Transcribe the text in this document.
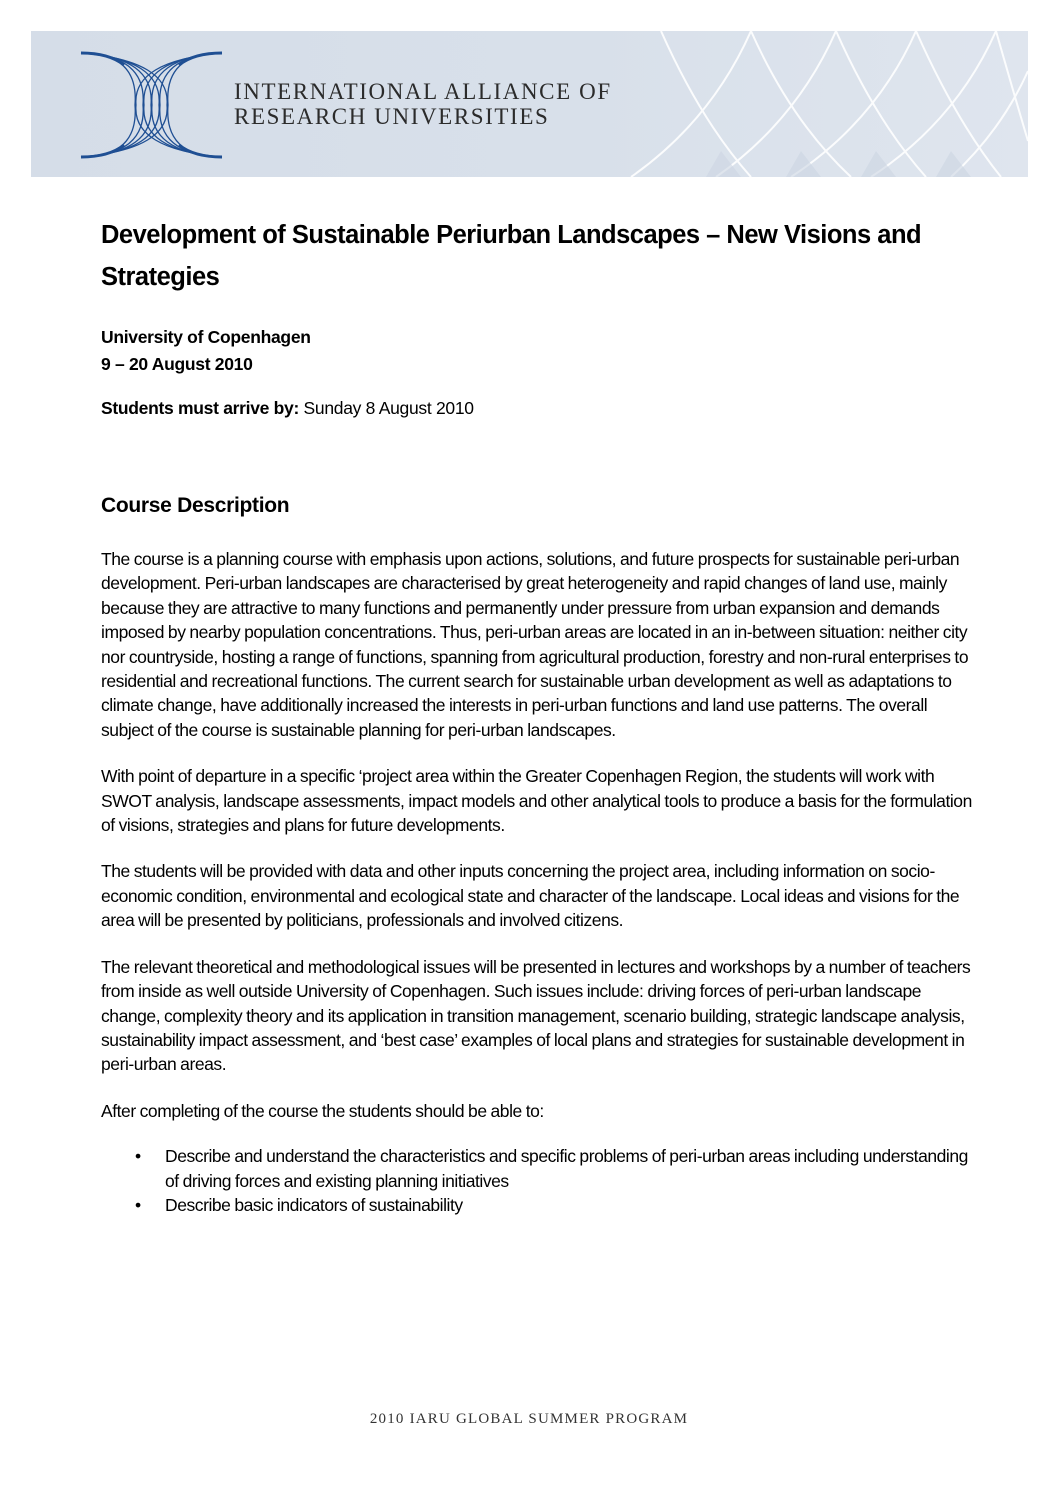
INTERNATIONAL ALLIANCE OF
RESEARCH UNIVERSITIES
Development of Sustainable Periurban Landscapes – New Visions and Strategies
University of Copenhagen
9 – 20 August 2010
Students must arrive by: Sunday 8 August 2010
Course Description

The course is a planning course with emphasis upon actions, solutions, and future prospects for sustainable peri-urban development. Peri-urban landscapes are characterised by great heterogeneity and rapid changes of land use, mainly because they are attractive to many functions and permanently under pressure from urban expansion and demands imposed by nearby population concentrations. Thus, peri-urban areas are located in an in-between situation: neither city nor countryside, hosting a range of functions, spanning from agricultural production, forestry and non-rural enterprises to residential and recreational functions. The current search for sustainable urban development as well as adaptations to climate change, have additionally increased the interests in peri-urban functions and land use patterns. The overall subject of the course is sustainable planning for peri-urban landscapes.

With point of departure in a specific ‘project area within the Greater Copenhagen Region, the students will work with SWOT analysis, landscape assessments, impact models and other analytical tools to produce a basis for the formulation of visions, strategies and plans for future developments.

The students will be provided with data and other inputs concerning the project area, including information on socio-economic condition, environmental and ecological state and character of the landscape. Local ideas and visions for the area will be presented by politicians, professionals and involved citizens.

The relevant theoretical and methodological issues will be presented in lectures and workshops by a number of teachers from inside as well outside University of Copenhagen. Such issues include: driving forces of peri-urban landscape change, complexity theory and its application in transition management, scenario building, strategic landscape analysis, sustainability impact assessment, and ‘best case’ examples of local plans and strategies for sustainable development in peri-urban areas.

After completing of the course the students should be able to:

• Describe and understand the characteristics and specific problems of peri-urban areas including understanding of driving forces and existing planning initiatives
• Describe basic indicators of sustainability
2010 IARU GLOBAL SUMMER PROGRAM
